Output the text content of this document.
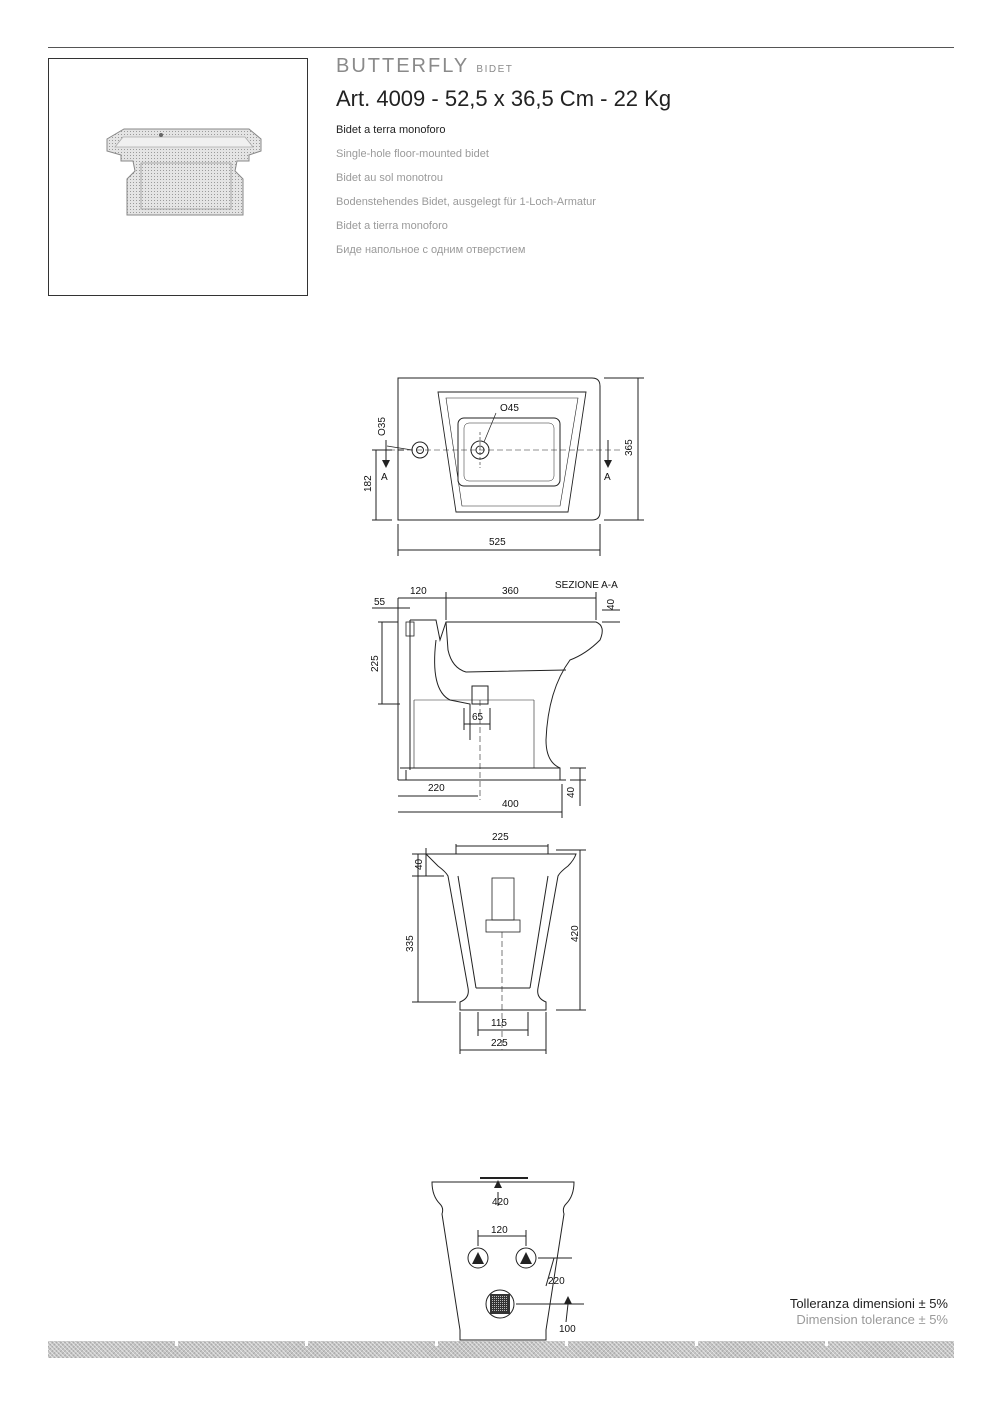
BUTTERFLY BIDET
Art. 4009 - 52,5 x 36,5 Cm - 22 Kg
Bidet a terra monoforo
Single-hole floor-mounted bidet
Bidet au sol monotrou
Bodenstehendes Bidet, ausgelegt für 1-Loch-Armatur
Bidet a tierra monoforo
Биде напольное с одним отверстием
O45
O35
182 A	A
365
525
SEZIONE A-A
55
120	360
40
225
65
220
400
40
225
40
335
420
115
225
420
120
220
100
Tolleranza dimensioni ± 5%
Dimension tolerance ± 5%
